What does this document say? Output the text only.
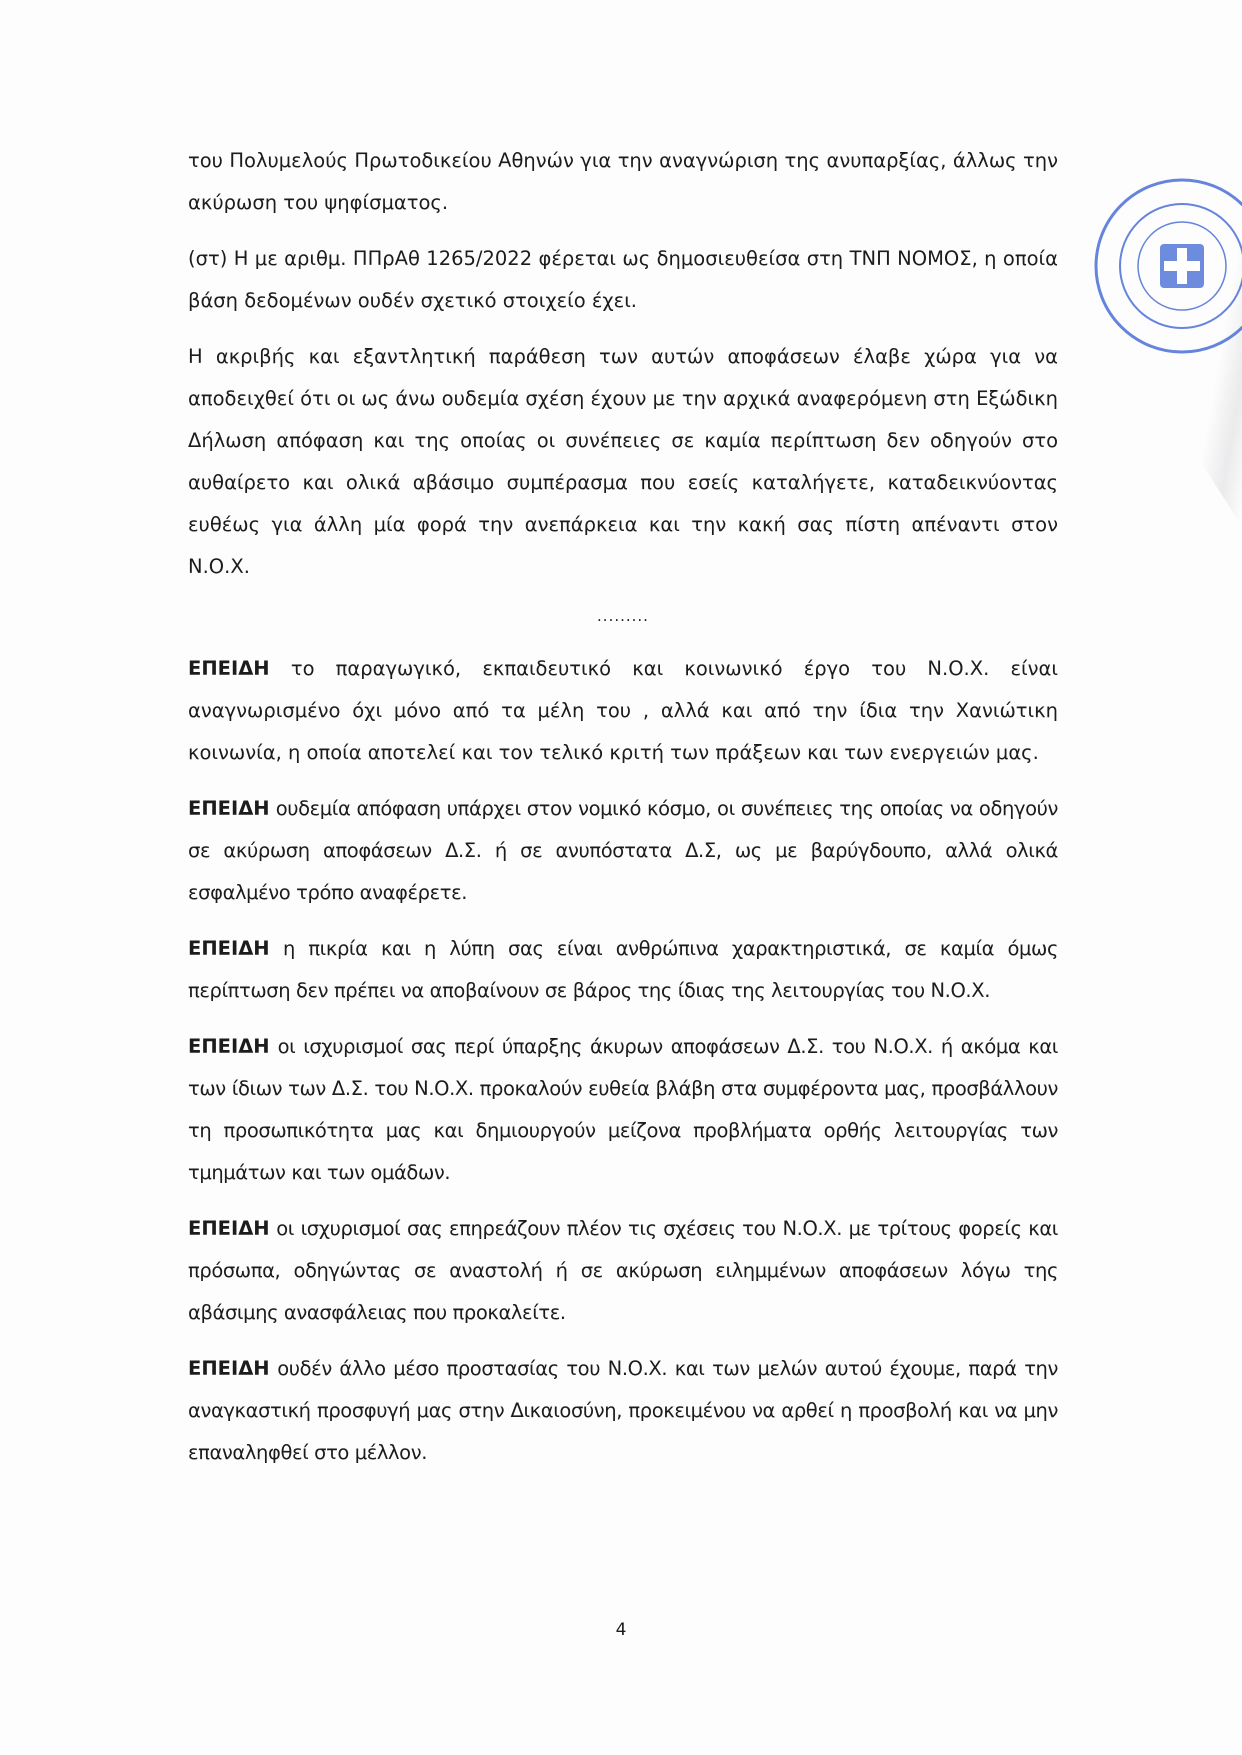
του Πολυμελούς Πρωτοδικείου Αθηνών για την αναγνώριση της ανυπαρξίας, άλλως την ακύρωση του ψηφίσματος.

(στ) Η με αριθμ. ΠΠρΑθ 1265/2022 φέρεται ως δημοσιευθείσα στη ΤΝΠ ΝΟΜΟΣ, η οποία βάση δεδομένων ουδέν σχετικό στοιχείο έχει.

Η ακριβής και εξαντλητική παράθεση των αυτών αποφάσεων έλαβε χώρα για να αποδειχθεί ότι οι ως άνω ουδεμία σχέση έχουν με την αρχικά αναφερόμενη στη Εξώδικη Δήλωση απόφαση και της οποίας οι συνέπειες σε καμία περίπτωση δεν οδηγούν στο αυθαίρετο και ολικά αβάσιμο συμπέρασμα που εσείς καταλήγετε, καταδεικνύοντας ευθέως για άλλη μία φορά την ανεπάρκεια και την κακή σας πίστη απέναντι στον Ν.Ο.Χ.

.........

ΕΠΕΙΔΗ το παραγωγικό, εκπαιδευτικό και κοινωνικό έργο του Ν.Ο.Χ. είναι αναγνωρισμένο όχι μόνο από τα μέλη του , αλλά και από την ίδια την Χανιώτικη κοινωνία, η οποία αποτελεί και τον τελικό κριτή των πράξεων και των ενεργειών μας.

ΕΠΕΙΔΗ ουδεμία απόφαση υπάρχει στον νομικό κόσμο, οι συνέπειες της οποίας να οδηγούν σε ακύρωση αποφάσεων Δ.Σ. ή σε ανυπόστατα Δ.Σ, ως με βαρύγδουπο, αλλά ολικά εσφαλμένο τρόπο αναφέρετε.

ΕΠΕΙΔΗ η πικρία και η λύπη σας είναι ανθρώπινα χαρακτηριστικά, σε καμία όμως περίπτωση δεν πρέπει να αποβαίνουν σε βάρος της ίδιας της λειτουργίας του Ν.Ο.Χ.

ΕΠΕΙΔΗ οι ισχυρισμοί σας περί ύπαρξης άκυρων αποφάσεων Δ.Σ. του Ν.Ο.Χ. ή ακόμα και των ίδιων των Δ.Σ. του Ν.Ο.Χ. προκαλούν ευθεία βλάβη στα συμφέροντα μας, προσβάλλουν τη προσωπικότητα μας και δημιουργούν μείζονα προβλήματα ορθής λειτουργίας των τμημάτων και των ομάδων.

ΕΠΕΙΔΗ οι ισχυρισμοί σας επηρεάζουν πλέον τις σχέσεις του Ν.Ο.Χ. με τρίτους φορείς και πρόσωπα, οδηγώντας σε αναστολή ή σε ακύρωση ειλημμένων αποφάσεων λόγω της αβάσιμης ανασφάλειας που προκαλείτε.

ΕΠΕΙΔΗ ουδέν άλλο μέσο προστασίας του Ν.Ο.Χ. και των μελών αυτού έχουμε, παρά την αναγκαστική προσφυγή μας στην Δικαιοσύνη, προκειμένου να αρθεί η προσβολή και να μην επαναληφθεί στο μέλλον.

4
